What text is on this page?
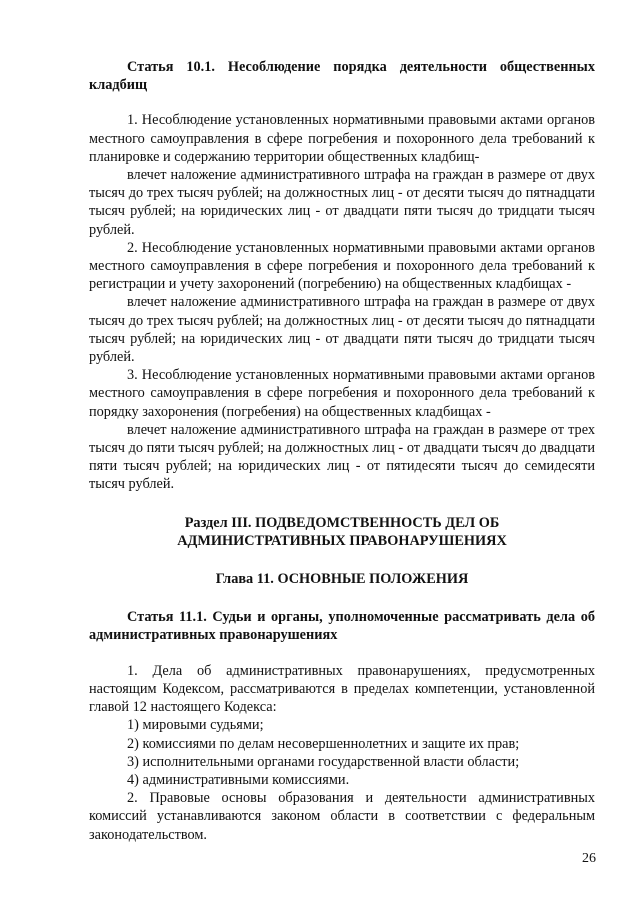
Статья 10.1. Несоблюдение порядка деятельности общественных кладбищ

1. Несоблюдение установленных нормативными правовыми актами органов местного самоуправления в сфере погребения и похоронного дела требований к планировке и содержанию территории общественных кладбищ-

влечет наложение административного штрафа на граждан в размере от двух тысяч до трех тысяч рублей; на должностных лиц - от десяти тысяч до пятнадцати тысяч рублей; на юридических лиц - от двадцати пяти тысяч до тридцати тысяч рублей.

2. Несоблюдение установленных нормативными правовыми актами органов местного самоуправления в сфере погребения и похоронного дела требований к регистрации и учету захоронений (погребению) на общественных кладбищах -

влечет наложение административного штрафа на граждан в размере от двух тысяч до трех тысяч рублей; на должностных лиц - от десяти тысяч до пятнадцати тысяч рублей; на юридических лиц - от двадцати пяти тысяч до тридцати тысяч рублей.

3. Несоблюдение установленных нормативными правовыми актами органов местного самоуправления в сфере погребения и похоронного дела требований к порядку захоронения (погребения) на общественных кладбищах -

влечет наложение административного штрафа на граждан в размере от трех тысяч до пяти тысяч рублей; на должностных лиц - от двадцати тысяч до двадцати пяти тысяч рублей; на юридических лиц - от пятидесяти тысяч до семидесяти тысяч рублей.

Раздел III. ПОДВЕДОМСТВЕННОСТЬ ДЕЛ ОБ

АДМИНИСТРАТИВНЫХ ПРАВОНАРУШЕНИЯХ

Глава 11. ОСНОВНЫЕ ПОЛОЖЕНИЯ

Статья 11.1. Судьи и органы, уполномоченные рассматривать дела об административных правонарушениях

1. Дела об административных правонарушениях, предусмотренных настоящим Кодексом, рассматриваются в пределах компетенции, установленной главой 12 настоящего Кодекса:

1) мировыми судьями;

2) комиссиями по делам несовершеннолетних и защите их прав;

3) исполнительными органами государственной власти области;

4) административными комиссиями.

2. Правовые основы образования и деятельности административных комиссий устанавливаются законом области в соответствии с федеральным законодательством.

26
